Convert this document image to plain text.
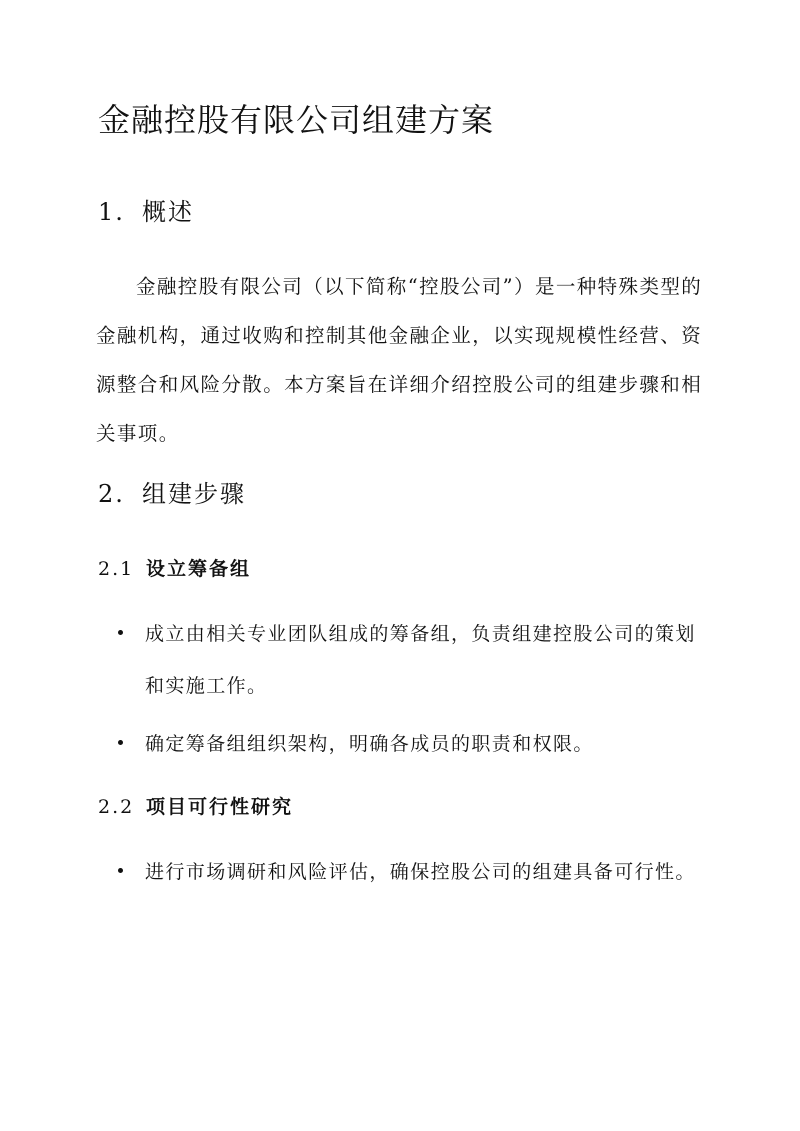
金融控股有限公司组建方案
1. 概述

金融控股有限公司（以下简称“控股公司”）是一种特殊类型的金融机构，通过收购和控制其他金融企业，以实现规模性经营、资源整合和风险分散。本方案旨在详细介绍控股公司的组建步骤和相关事项。

2. 组建步骤
2.1 设立筹备组
成立由相关专业团队组成的筹备组，负责组建控股公司的策划和实施工作。
确定筹备组组织架构，明确各成员的职责和权限。
2.2 项目可行性研究
进行市场调研和风险评估，确保控股公司的组建具备可行性。
